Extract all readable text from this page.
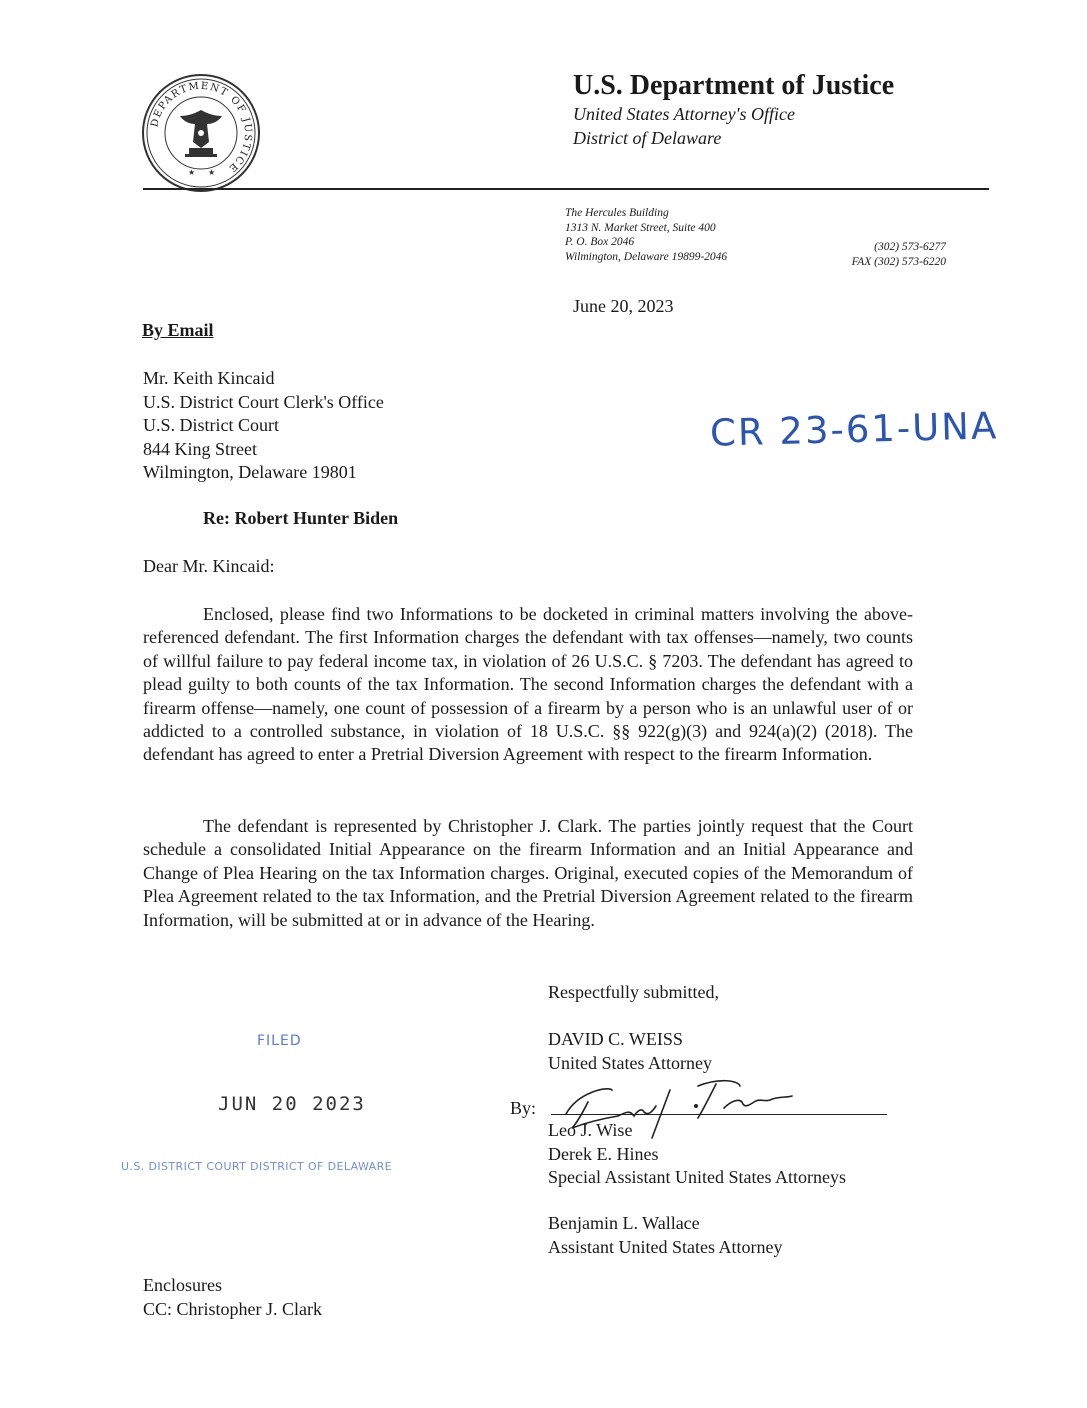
DEPARTMENT OF JUSTICE
★ ★
U.S. Department of Justice
United States Attorney's Office
District of Delaware
The Hercules Building
1313 N. Market Street, Suite 400
P. O. Box 2046
Wilmington, Delaware 19899-2046
(302) 573-6277
FAX (302) 573-6220
June 20, 2023
By Email
Mr. Keith Kincaid
U.S. District Court Clerk's Office
U.S. District Court
844 King Street
Wilmington, Delaware 19801
CR 23-61-UNA
Re: Robert Hunter Biden
Dear Mr. Kincaid:

Enclosed, please find two Informations to be docketed in criminal matters involving the above-referenced defendant. The first Information charges the defendant with tax offenses—namely, two counts of willful failure to pay federal income tax, in violation of 26 U.S.C. § 7203. The defendant has agreed to plead guilty to both counts of the tax Information. The second Information charges the defendant with a firearm offense—namely, one count of possession of a firearm by a person who is an unlawful user of or addicted to a controlled substance, in violation of 18 U.S.C. §§ 922(g)(3) and 924(a)(2) (2018). The defendant has agreed to enter a Pretrial Diversion Agreement with respect to the firearm Information.

The defendant is represented by Christopher J. Clark. The parties jointly request that the Court schedule a consolidated Initial Appearance on the firearm Information and an Initial Appearance and Change of Plea Hearing on the tax Information charges. Original, executed copies of the Memorandum of Plea Agreement related to the tax Information, and the Pretrial Diversion Agreement related to the firearm Information, will be submitted at or in advance of the Hearing.

Respectfully submitted,
DAVID C. WEISS
United States Attorney
By:
Leo J. Wise
Derek E. Hines
Special Assistant United States Attorneys
Benjamin L. Wallace
Assistant United States Attorney
FILED
JUN 20 2023
U.S. DISTRICT COURT DISTRICT OF DELAWARE
Enclosures
CC: Christopher J. Clark
